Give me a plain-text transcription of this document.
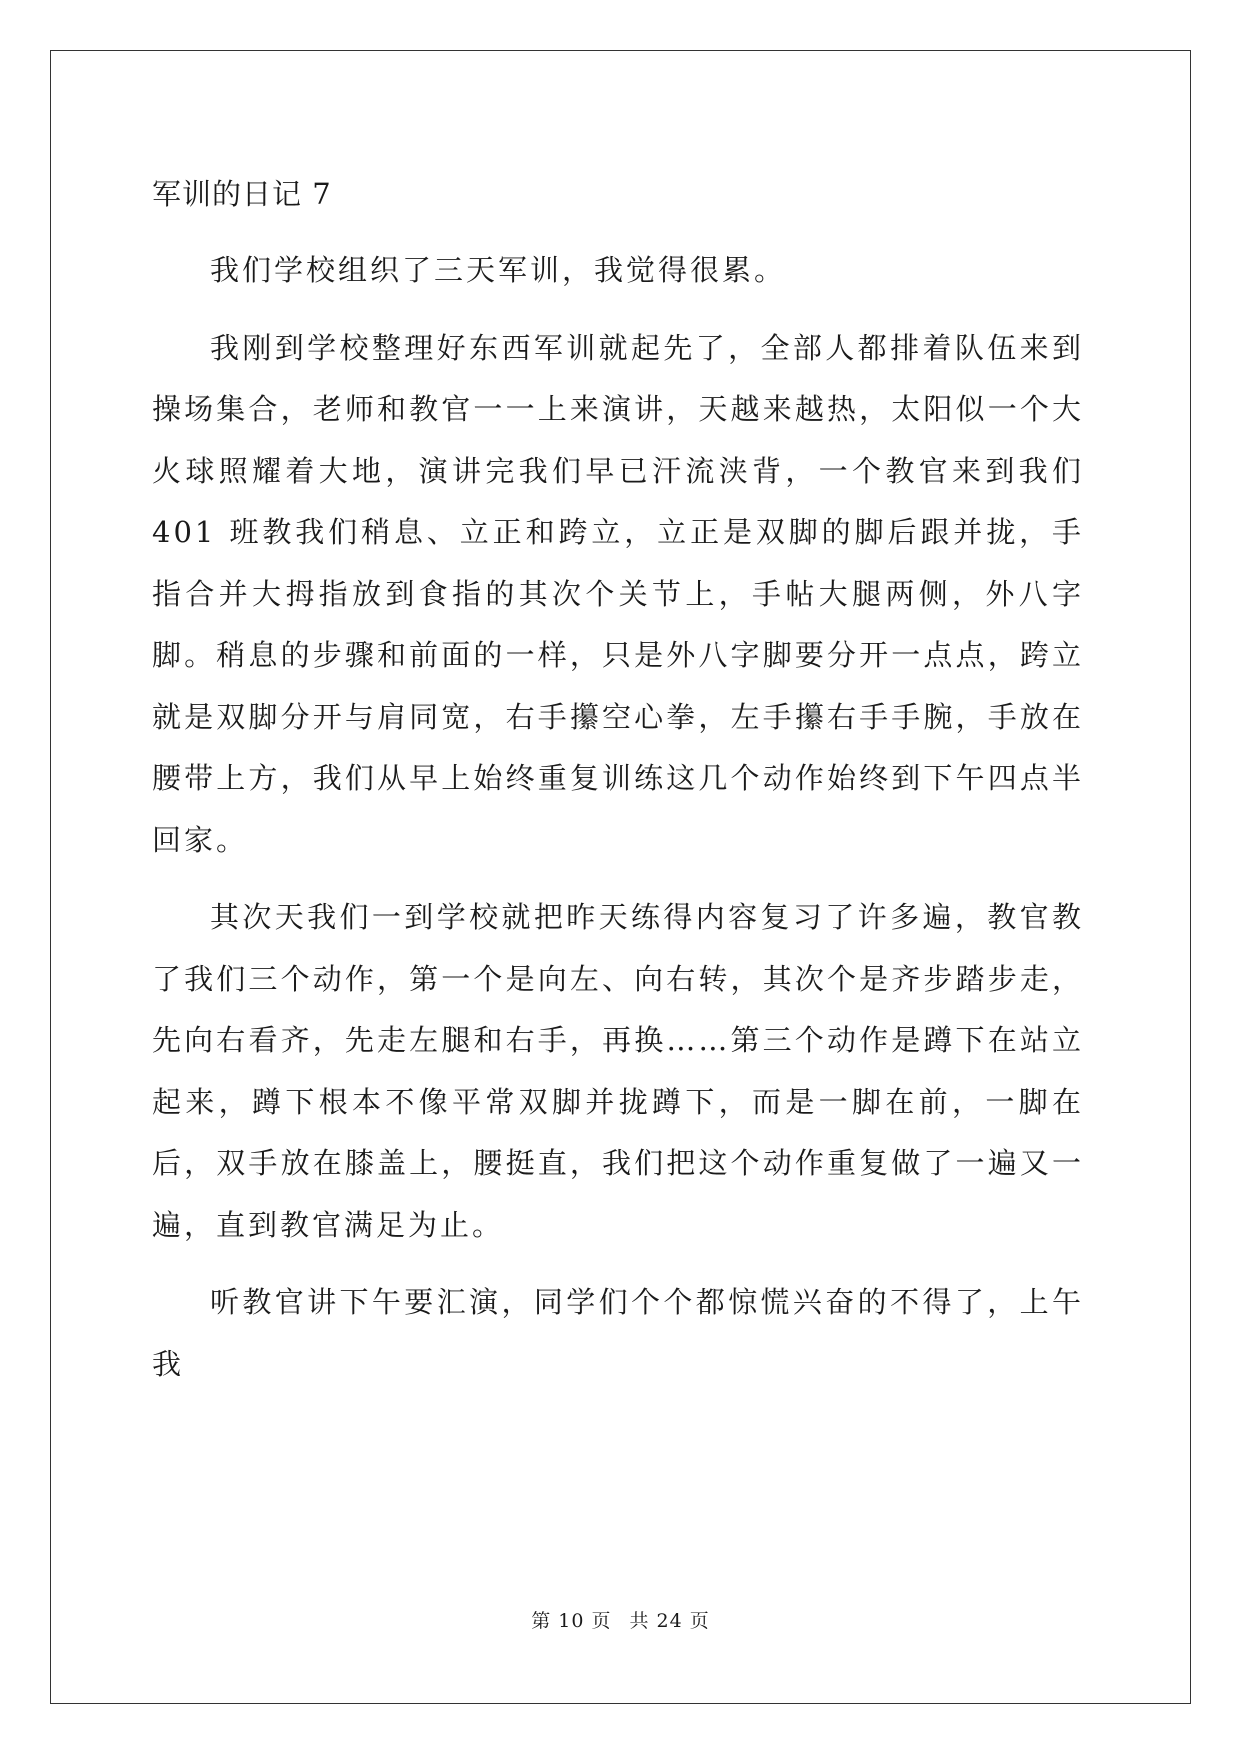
军训的日记 7

我们学校组织了三天军训，我觉得很累。

我刚到学校整理好东西军训就起先了，全部人都排着队伍来到操场集合，老师和教官一一上来演讲，天越来越热，太阳似一个大火球照耀着大地，演讲完我们早已汗流浃背，一个教官来到我们 401 班教我们稍息、立正和跨立，立正是双脚的脚后跟并拢，手指合并大拇指放到食指的其次个关节上，手帖大腿两侧，外八字脚。稍息的步骤和前面的一样，只是外八字脚要分开一点点，跨立就是双脚分开与肩同宽，右手攥空心拳，左手攥右手手腕，手放在腰带上方，我们从早上始终重复训练这几个动作始终到下午四点半回家。

其次天我们一到学校就把昨天练得内容复习了许多遍，教官教了我们三个动作，第一个是向左、向右转，其次个是齐步踏步走，先向右看齐，先走左腿和右手，再换……第三个动作是蹲下在站立起来，蹲下根本不像平常双脚并拢蹲下，而是一脚在前，一脚在后，双手放在膝盖上，腰挺直，我们把这个动作重复做了一遍又一遍，直到教官满足为止。

听教官讲下午要汇演，同学们个个都惊慌兴奋的不得了，上午我

第 10 页 共 24 页
